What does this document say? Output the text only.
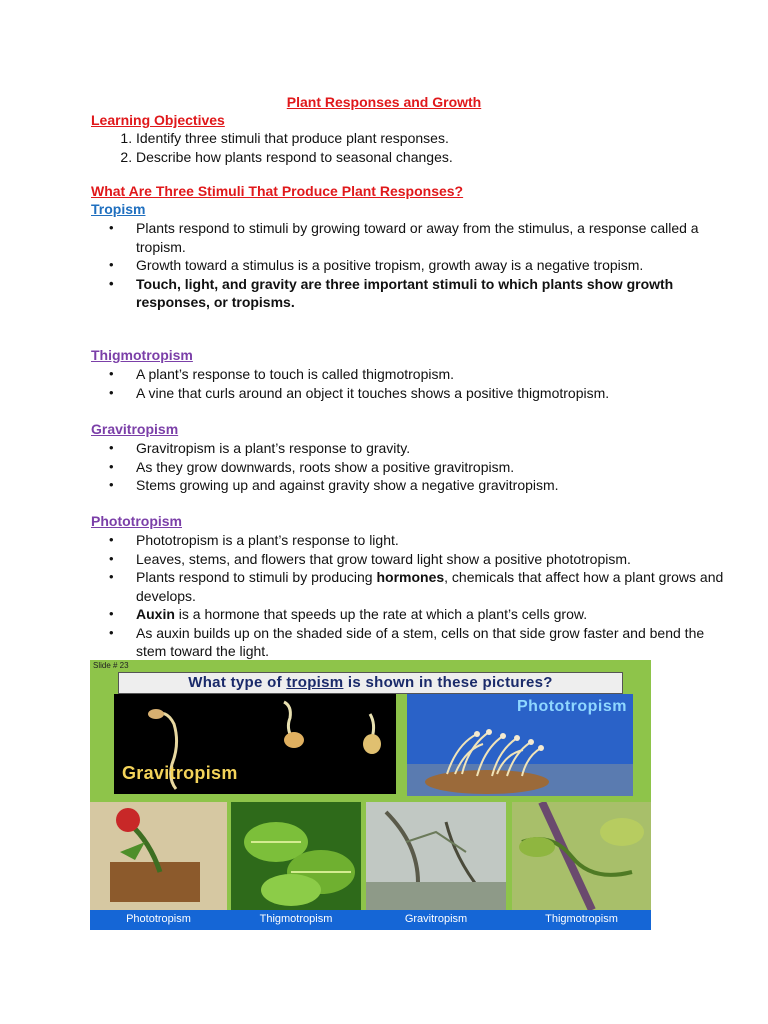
Plant Responses and Growth
Learning Objectives
1. Identify three stimuli that produce plant responses.
2. Describe how plants respond to seasonal changes.
What Are Three Stimuli That Produce Plant Responses?
Tropism
• Plants respond to stimuli by growing toward or away from the stimulus, a response called a tropism.
• Growth toward a stimulus is a positive tropism, growth away is a negative tropism.
• Touch, light, and gravity are three important stimuli to which plants show growth responses, or tropisms.
Thigmotropism
• A plant’s response to touch is called thigmotropism.
• A vine that curls around an object it touches shows a positive thigmotropism.
Gravitropism
• Gravitropism is a plant’s response to gravity.
• As they grow downwards, roots show a positive gravitropism.
• Stems growing up and against gravity show a negative gravitropism.
Phototropism
• Phototropism is a plant’s response to light.
• Leaves, stems, and flowers that grow toward light show a positive phototropism.
• Plants respond to stimuli by producing hormones, chemicals that affect how a plant grows and develops.
• Auxin is a hormone that speeds up the rate at which a plant’s cells grow.
• As auxin builds up on the shaded side of a stem, cells on that side grow faster and bend the stem toward the light.
Slide # 23
What type of tropism is shown in these pictures?
Gravitropism
Phototropism
Phototropism	Thigmotropism	Gravitropism	Thigmotropism
